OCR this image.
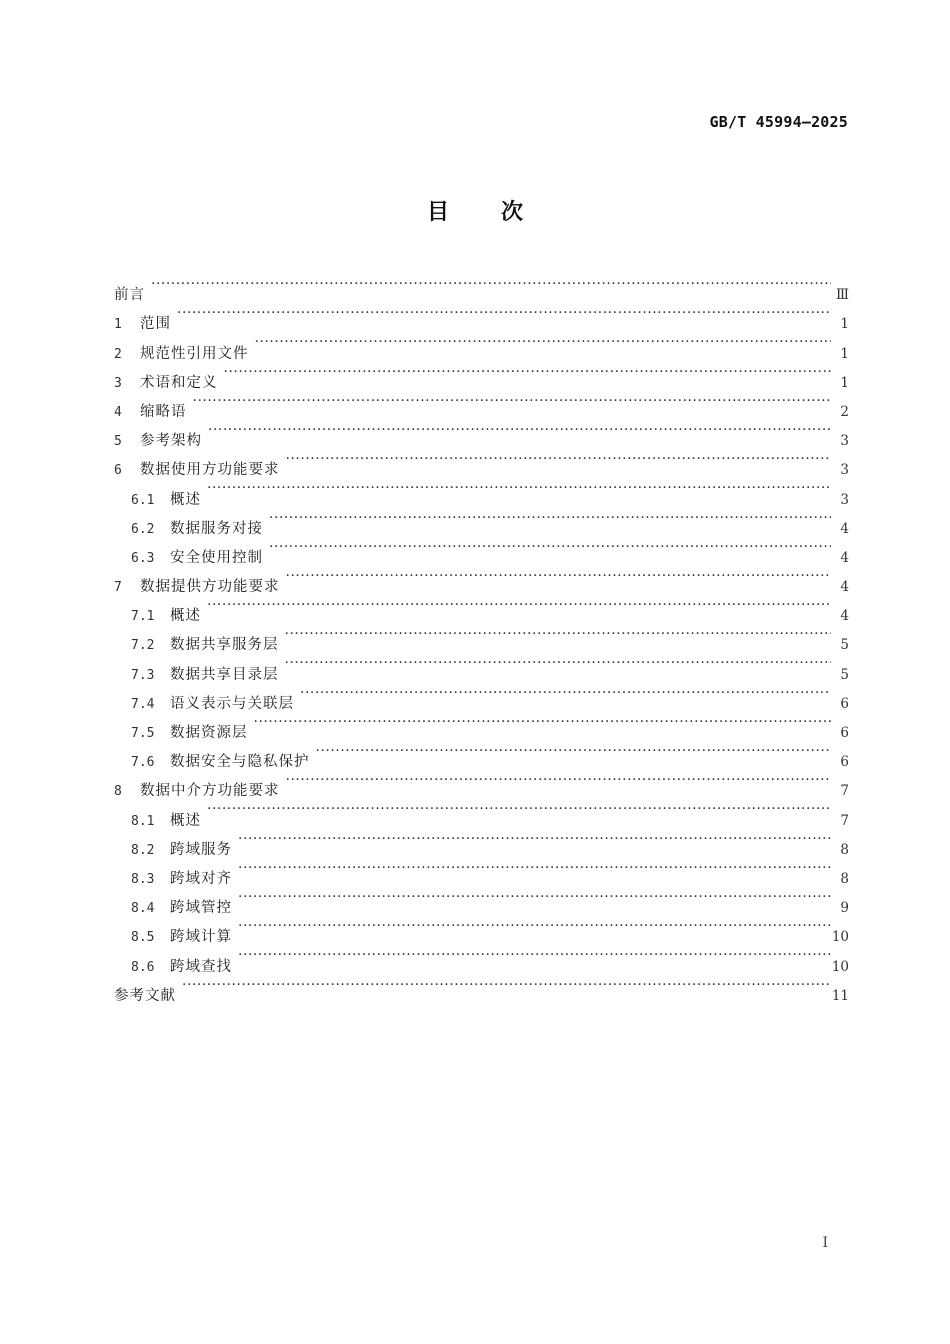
GB/T 45994—2025
目次
前言 ·····	Ⅲ
1	范围 ·····	1
2	规范性引用文件 ·····	1
3	术语和定义 ·····	1
4	缩略语 ·····	2
5	参考架构 ·····	3
6	数据使用方功能要求 ·····	3
6.1	概述 ·····	3
6.2	数据服务对接 ·····	4
6.3	安全使用控制 ·····	4
7	数据提供方功能要求 ·····	4
7.1	概述 ·····	4
7.2	数据共享服务层 ·····	5
7.3	数据共享目录层 ·····	5
7.4	语义表示与关联层 ·····	6
7.5	数据资源层 ·····	6
7.6	数据安全与隐私保护 ·····	6
8	数据中介方功能要求 ·····	7
8.1	概述 ·····	7
8.2	跨域服务 ·····	8
8.3	跨域对齐 ·····	8
8.4	跨域管控 ·····	9
8.5	跨域计算 ·····	10
8.6	跨域查找 ·····	10
参考文献 ·····	11
I
